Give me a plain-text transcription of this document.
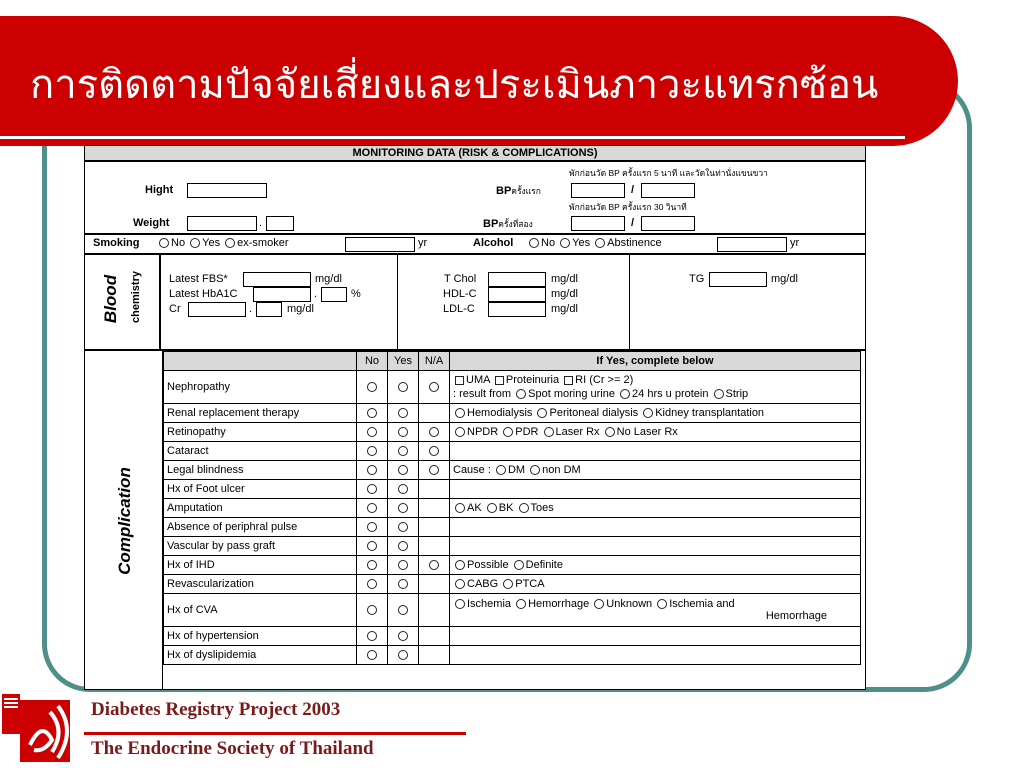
การติดตามปัจจัยเสี่ยงและประเมินภาวะแทรกซ้อน
MONITORING DATA (RISK & COMPLICATIONS)
Hight
Weight	.
พักก่อนวัด BP ครั้งแรก 5 นาที และวัดในท่านั่งแขนขวา
BPครั้งแรก	/
พักก่อนวัด BP ครั้งแรก 30 วินาที
BPครั้งที่สอง	/
Smoking	No Yes ex-smoker	yr	Alcohol	No Yes Abstinence	yr
Blood chemistry Latest FBS*	mg/dl
Latest HbA1C	.	%
Cr	.	mg/dl
T Chol	mg/dl
HDL-C	mg/dl
LDL-C	mg/dl
TG	mg/dl
Complication
	No	Yes	N/A	If Yes, complete below
Nephropathy				UMA Proteinuria RI (Cr >= 2)
: result from Spot moring urine 24 hrs u protein Strip

Renal replacement therapy				Hemodialysis Peritoneal dialysis Kidney transplantation
Retinopathy				NPDR PDR Laser Rx No Laser Rx
Cataract				
Legal blindness				Cause : DM non DM
Hx of Foot ulcer				
Amputation				AK BK Toes
Absence of periphral pulse				
Vascular by pass graft				
Hx of IHD				Possible Definite
Revascularization				CABG PTCA
Hx of CVA				Ischemia Hemorrhage Unknown Ischemia and
Hemorrhage

Hx of hypertension				
Hx of dyslipidemia				
Diabetes Registry Project 2003
The Endocrine Society of Thailand
